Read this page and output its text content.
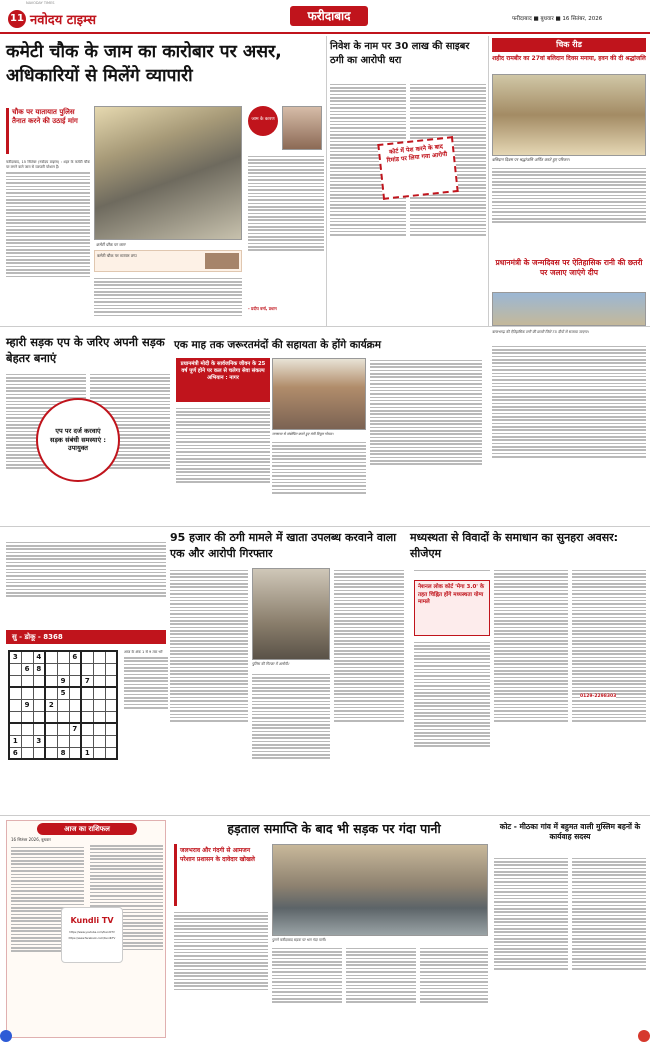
NAVODAY TIMES
11 नवोदय टाइम्स	फरीदाबाद	फरीदाबाद ■ बुधवार ■ 16 सितंबर, 2026
कमेटी चौक के जाम का कारोबार पर असर, अधिकारियों से मिलेंगे व्यापारी
चौक पर यातायात पुलिस तैनात करने की उठाई मांग
फरीदाबाद, 15 सितंबर (नवोदय टाइम्स) : शहर के कमेटी चौक पर लगने वाले जाम से व्यापारी परेशान हैं।
कमेटी चौक पर जाम
कमेटी चौक पर व्यापार ठप्प
जाम के कारण
- प्रदीप वर्मा, प्रधान
निवेश के नाम पर 30 लाख की साइबर ठगी का आरोपी धरा
कोर्ट में पेश करने के बाद रिमांड पर लिया गया आरोपी
चिक रीड
शहीद रामबीर का 27वां बलिदान दिवस मनाया, हवन की दी श्रद्धांजलि
बलिदान दिवस पर श्रद्धांजलि अर्पित करते हुए परिजन।
प्रधानमंत्री के जन्मदिवस पर ऐतिहासिक रानी की छतरी पर जलाए जाएंगे दीप
म्हारी सड़क एप के जरिए अपनी सड़क बेहतर बनाएं
एप पर दर्ज करवाएं सड़क संबंधी समस्याएं : उपायुक्त
एक माह तक जरूरतमंदों की सहायता के होंगे कार्यक्रम
प्रधानमंत्री मोदी के सार्वजनिक जीवन के 25 वर्ष पूर्ण होने पर कल से चलेगा सेवा संकल्प अभियान : नागर
जनसभा से संबोधित करते हुए मंत्री विपुल गोयल।
बल्लभगढ़ की ऐतिहासिक रानी की छतरी जिसे 75 दीपों से सजाया जाएगा।
95 हजार की ठगी मामले में खाता उपलब्ध करवाने वाला एक और आरोपी गिरफ्तार
पुलिस की गिरफ्त में आरोपी।
मध्यस्थता से विवादों के समाधान का सुनहरा अवसर: सीजेएम
नेशनल लोक कोर्ट 'मेगा 3.0' के तहत चिह्नित होंगे मध्यस्थता योग्य मामले
0129-2298303
सु - डोकू - 8368
3		4			6			
	6	8						
				9		7		
				5				
	9		2					

					7			
1		3						
6				8		1		
आज के अंक 1 से 9 तक भरें
आज का राशिफल
16 सितंबर 2026, बुधवार
Kundli TV
https://www.youtube.com/KundliTV
https://www.facebook.com/KundliTV
हड़ताल समाप्ति के बाद भी सड़क पर गंदा पानी
जलभराव और गंदगी से आमजन परेशान प्रशासन के दावेदार खोखले
पुराने फरीदाबाद सड़क पर भरा गंदा पानी।
कोट - मीठका गांव में बहुमत वाली मुस्लिम बहनों के कार्यवाह सदस्य
